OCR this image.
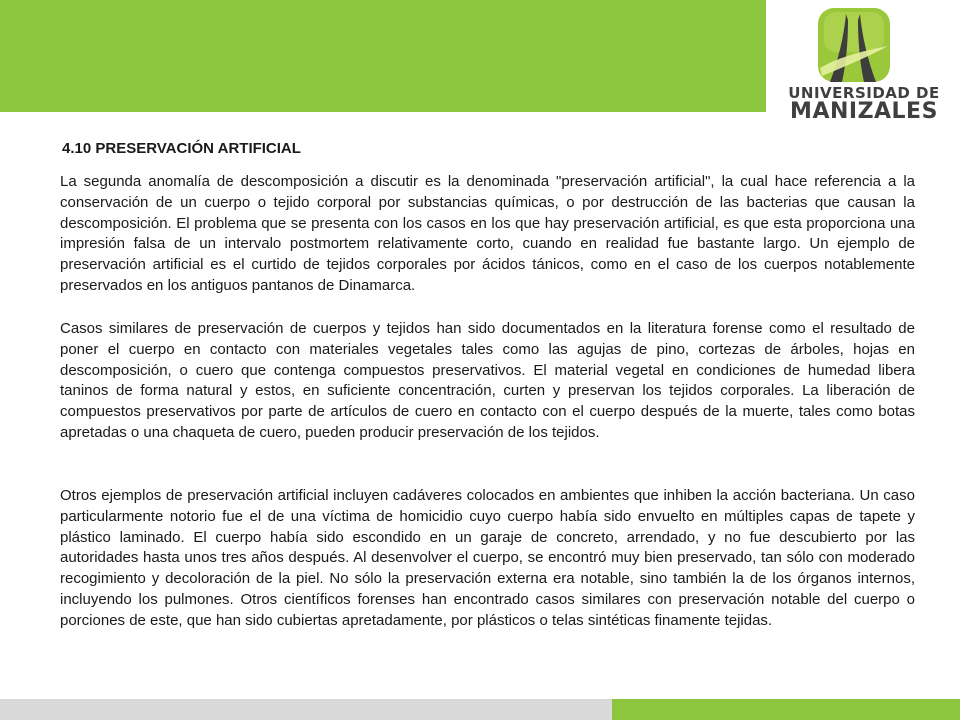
UNIVERSIDAD DE
MANIZALES
4.10 PRESERVACIÓN ARTIFICIAL

La segunda anomalía de descomposición a discutir es la denominada "preservación artificial", la cual hace referencia a la conservación de un cuerpo o tejido corporal por substancias químicas, o por destrucción de las bacterias que causan la descomposición. El problema que se presenta con los casos en los que hay preservación artificial, es que esta proporciona una impresión falsa de un intervalo postmortem relativamente corto, cuando en realidad fue bastante largo. Un ejemplo de preservación artificial es el curtido de tejidos corporales por ácidos tánicos, como en el caso de los cuerpos notablemente preservados en los antiguos pantanos de Dinamarca.

Casos similares de preservación de cuerpos y tejidos han sido documentados en la literatura forense como el resultado de poner el cuerpo en contacto con materiales vegetales tales como las agujas de pino, cortezas de árboles, hojas en descomposición, o cuero que contenga compuestos preservativos. El material vegetal en condiciones de humedad libera taninos de forma natural y estos, en suficiente concentración, curten y preservan los tejidos corporales. La liberación de compuestos preservativos por parte de artículos de cuero en contacto con el cuerpo después de la muerte, tales como botas apretadas o una chaqueta de cuero, pueden producir preservación de los tejidos.

Otros ejemplos de preservación artificial incluyen cadáveres colocados en ambientes que inhiben la acción bacteriana. Un caso particularmente notorio fue el de una víctima de homicidio cuyo cuerpo había sido envuelto en múltiples capas de tapete y plástico laminado. El cuerpo había sido escondido en un garaje de concreto, arrendado, y no fue descubierto por las autoridades hasta unos tres años después. Al desenvolver el cuerpo, se encontró muy bien preservado, tan sólo con moderado recogimiento y decoloración de la piel. No sólo la preservación externa era notable, sino también la de los órganos internos, incluyendo los pulmones. Otros científicos forenses han encontrado casos similares con preservación notable del cuerpo o porciones de este, que han sido cubiertas apretadamente, por plásticos o telas sintéticas finamente tejidas.
